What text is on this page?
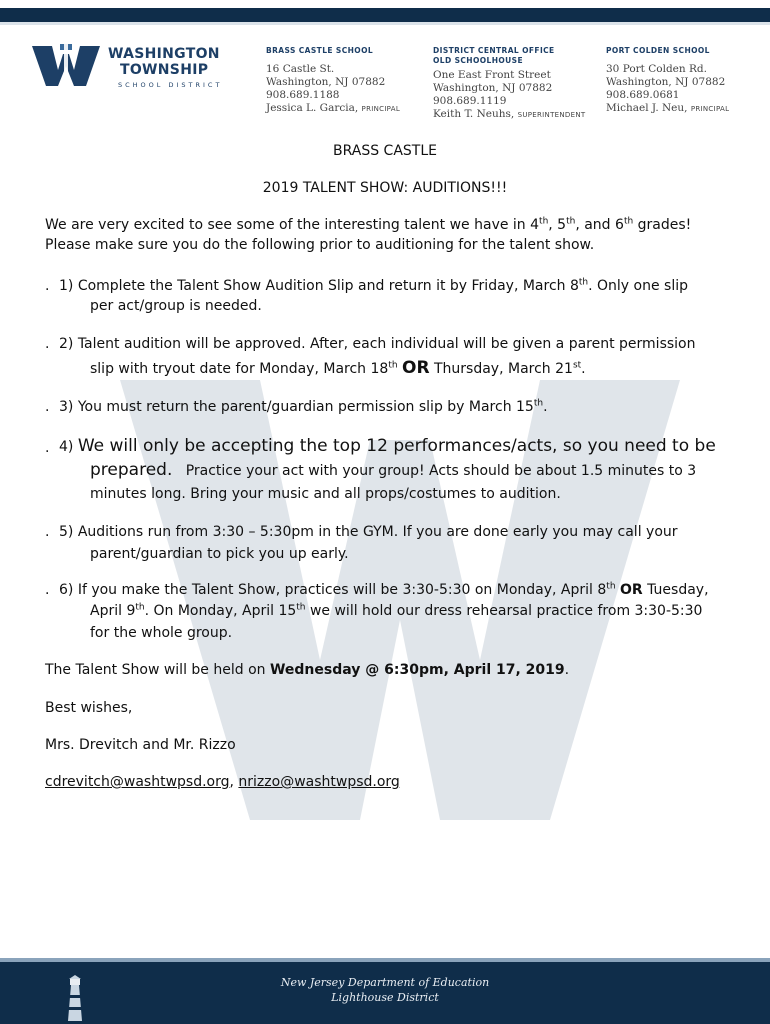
WASHINGTON
TOWNSHIP
SCHOOL DISTRICT
BRASS CASTLE SCHOOL
16 Castle St.
Washington, NJ 07882
908.689.1188
Jessica L. Garcia, PRINCIPAL
DISTRICT CENTRAL OFFICE
OLD SCHOOLHOUSE
One East Front Street
Washington, NJ 07882
908.689.1119
Keith T. Neuhs, SUPERINTENDENT
PORT COLDEN SCHOOL
30 Port Colden Rd.
Washington, NJ 07882
908.689.0681
Michael J. Neu, PRINCIPAL
BRASS CASTLE
2019 TALENT SHOW: AUDITIONS!!!
We are very excited to see some of the interesting talent we have in 4th, 5th, and 6th grades!
Please make sure you do the following prior to auditioning for the talent show.
. 1) Complete the Talent Show Audition Slip and return it by Friday, March 8th. Only one slip
per act/group is needed.
. 2) Talent audition will be approved. After, each individual will be given a parent permission
slip with tryout date for Monday, March 18th OR Thursday, March 21st.
. 3) You must return the parent/guardian permission slip by March 15th.
. 4) We will only be accepting the top 12 performances/acts, so you need to be
prepared. Practice your act with your group! Acts should be about 1.5 minutes to 3
minutes long. Bring your music and all props/costumes to audition.
. 5) Auditions run from 3:30 – 5:30pm in the GYM. If you are done early you may call your
parent/guardian to pick you up early.
. 6) If you make the Talent Show, practices will be 3:30-5:30 on Monday, April 8th OR Tuesday,
April 9th. On Monday, April 15th we will hold our dress rehearsal practice from 3:30-5:30
for the whole group.
The Talent Show will be held on Wednesday @ 6:30pm, April 17, 2019.
Best wishes,
Mrs. Drevitch and Mr. Rizzo
cdrevitch@washtwpsd.org, nrizzo@washtwpsd.org
New Jersey Department of Education
Lighthouse District
